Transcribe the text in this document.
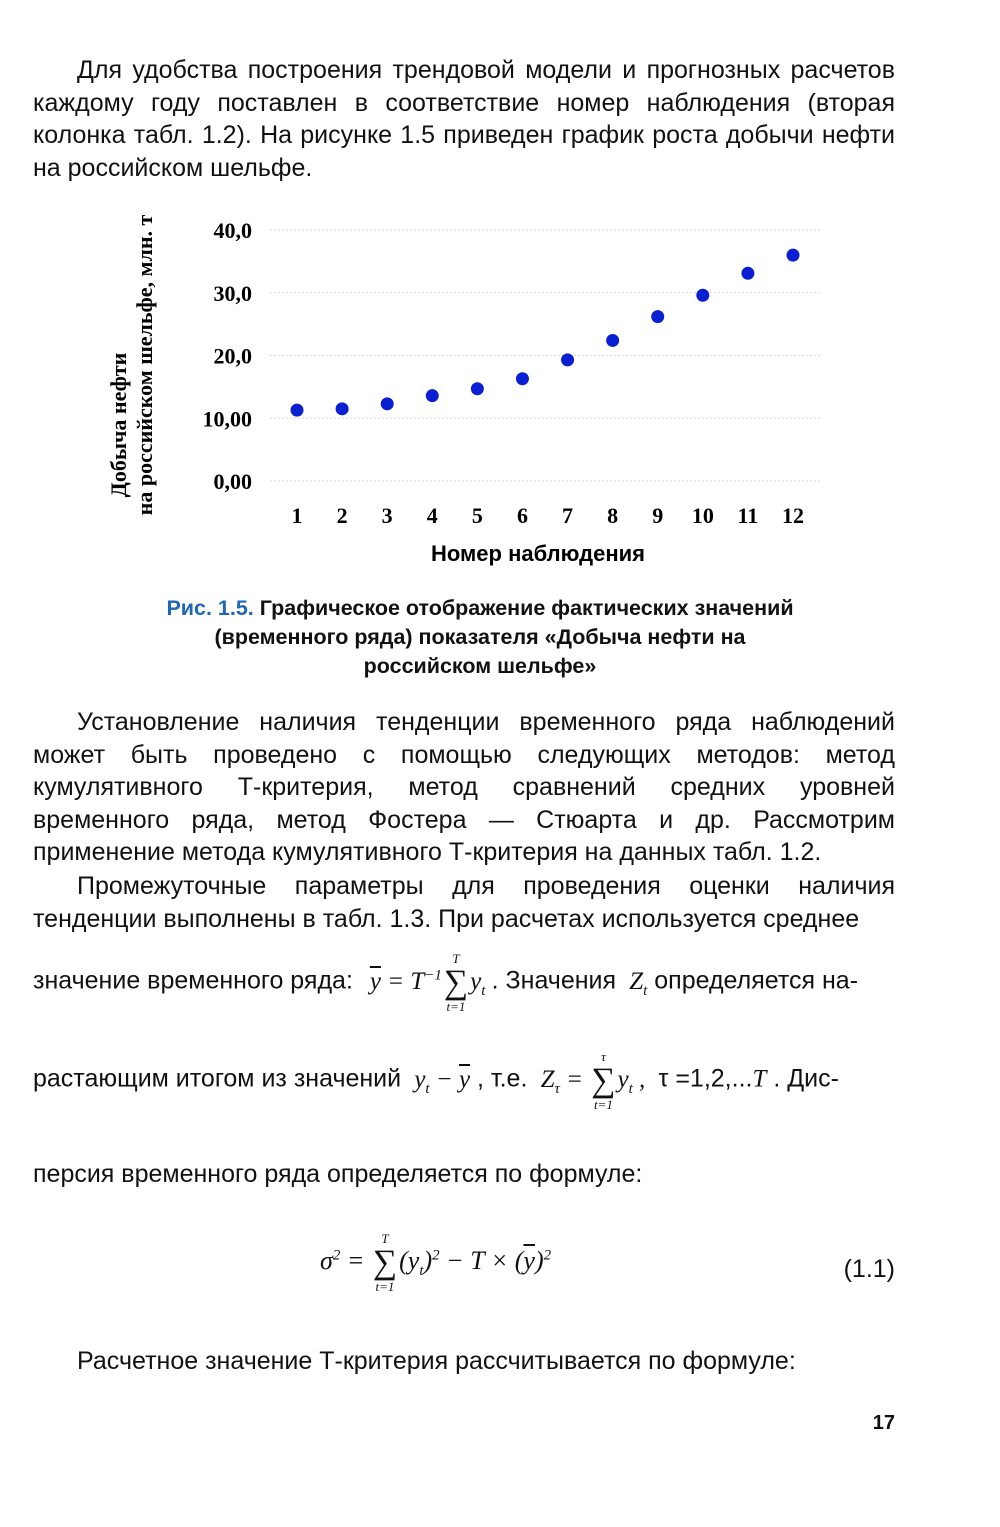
Для удобства построения трендовой модели и прогнозных расчетов каждому году поставлен в соответствие номер наблюдения (вторая колонка табл. 1.2). На рисунке 1.5 приведен график роста добычи нефти на российском шельфе.

0,00
10,00
20,0
30,0
40,0
1 2 3 4 5 6 7 8 9 10 11 12
Добыча нефти на российском шельфе, млн. т
Номер наблюдения
Рис. 1.5. Графическое отображение фактических значений (временного ряда) показателя «Добыча нефти на российском шельфе»

Установление наличия тенденции временного ряда наблюдений может быть проведено с помощью следующих методов: метод кумулятивного Т-критерия, метод сравнений средних уровней временного ряда, метод Фостера — Стюарта и др. Рассмотрим применение метода кумулятивного Т-критерия на данных табл. 1.2.

Промежуточные параметры для проведения оценки наличия тенденции выполнены в табл. 1.3. При расчетах используется среднее

значение временного ряда: $\overline{y} = T^{-1}$
T
∑
t=1
$y_t$ . Значения  $Z_t$ определяется на-
растающим итогом из значений  $y_t - \overline{y}$ , т.е.  $Z_\tau$ =
τ
∑
t=1
$y_t$ ,  τ =1,2,...T . Дис-
персия временного ряда определяется по формуле:
$\sigma^2$ =
T
∑
t=1
$(y_t)^2 - T \times (\overline{y})^2$	(1.1)
Расчетное значение Т-критерия рассчитывается по формуле:
17
